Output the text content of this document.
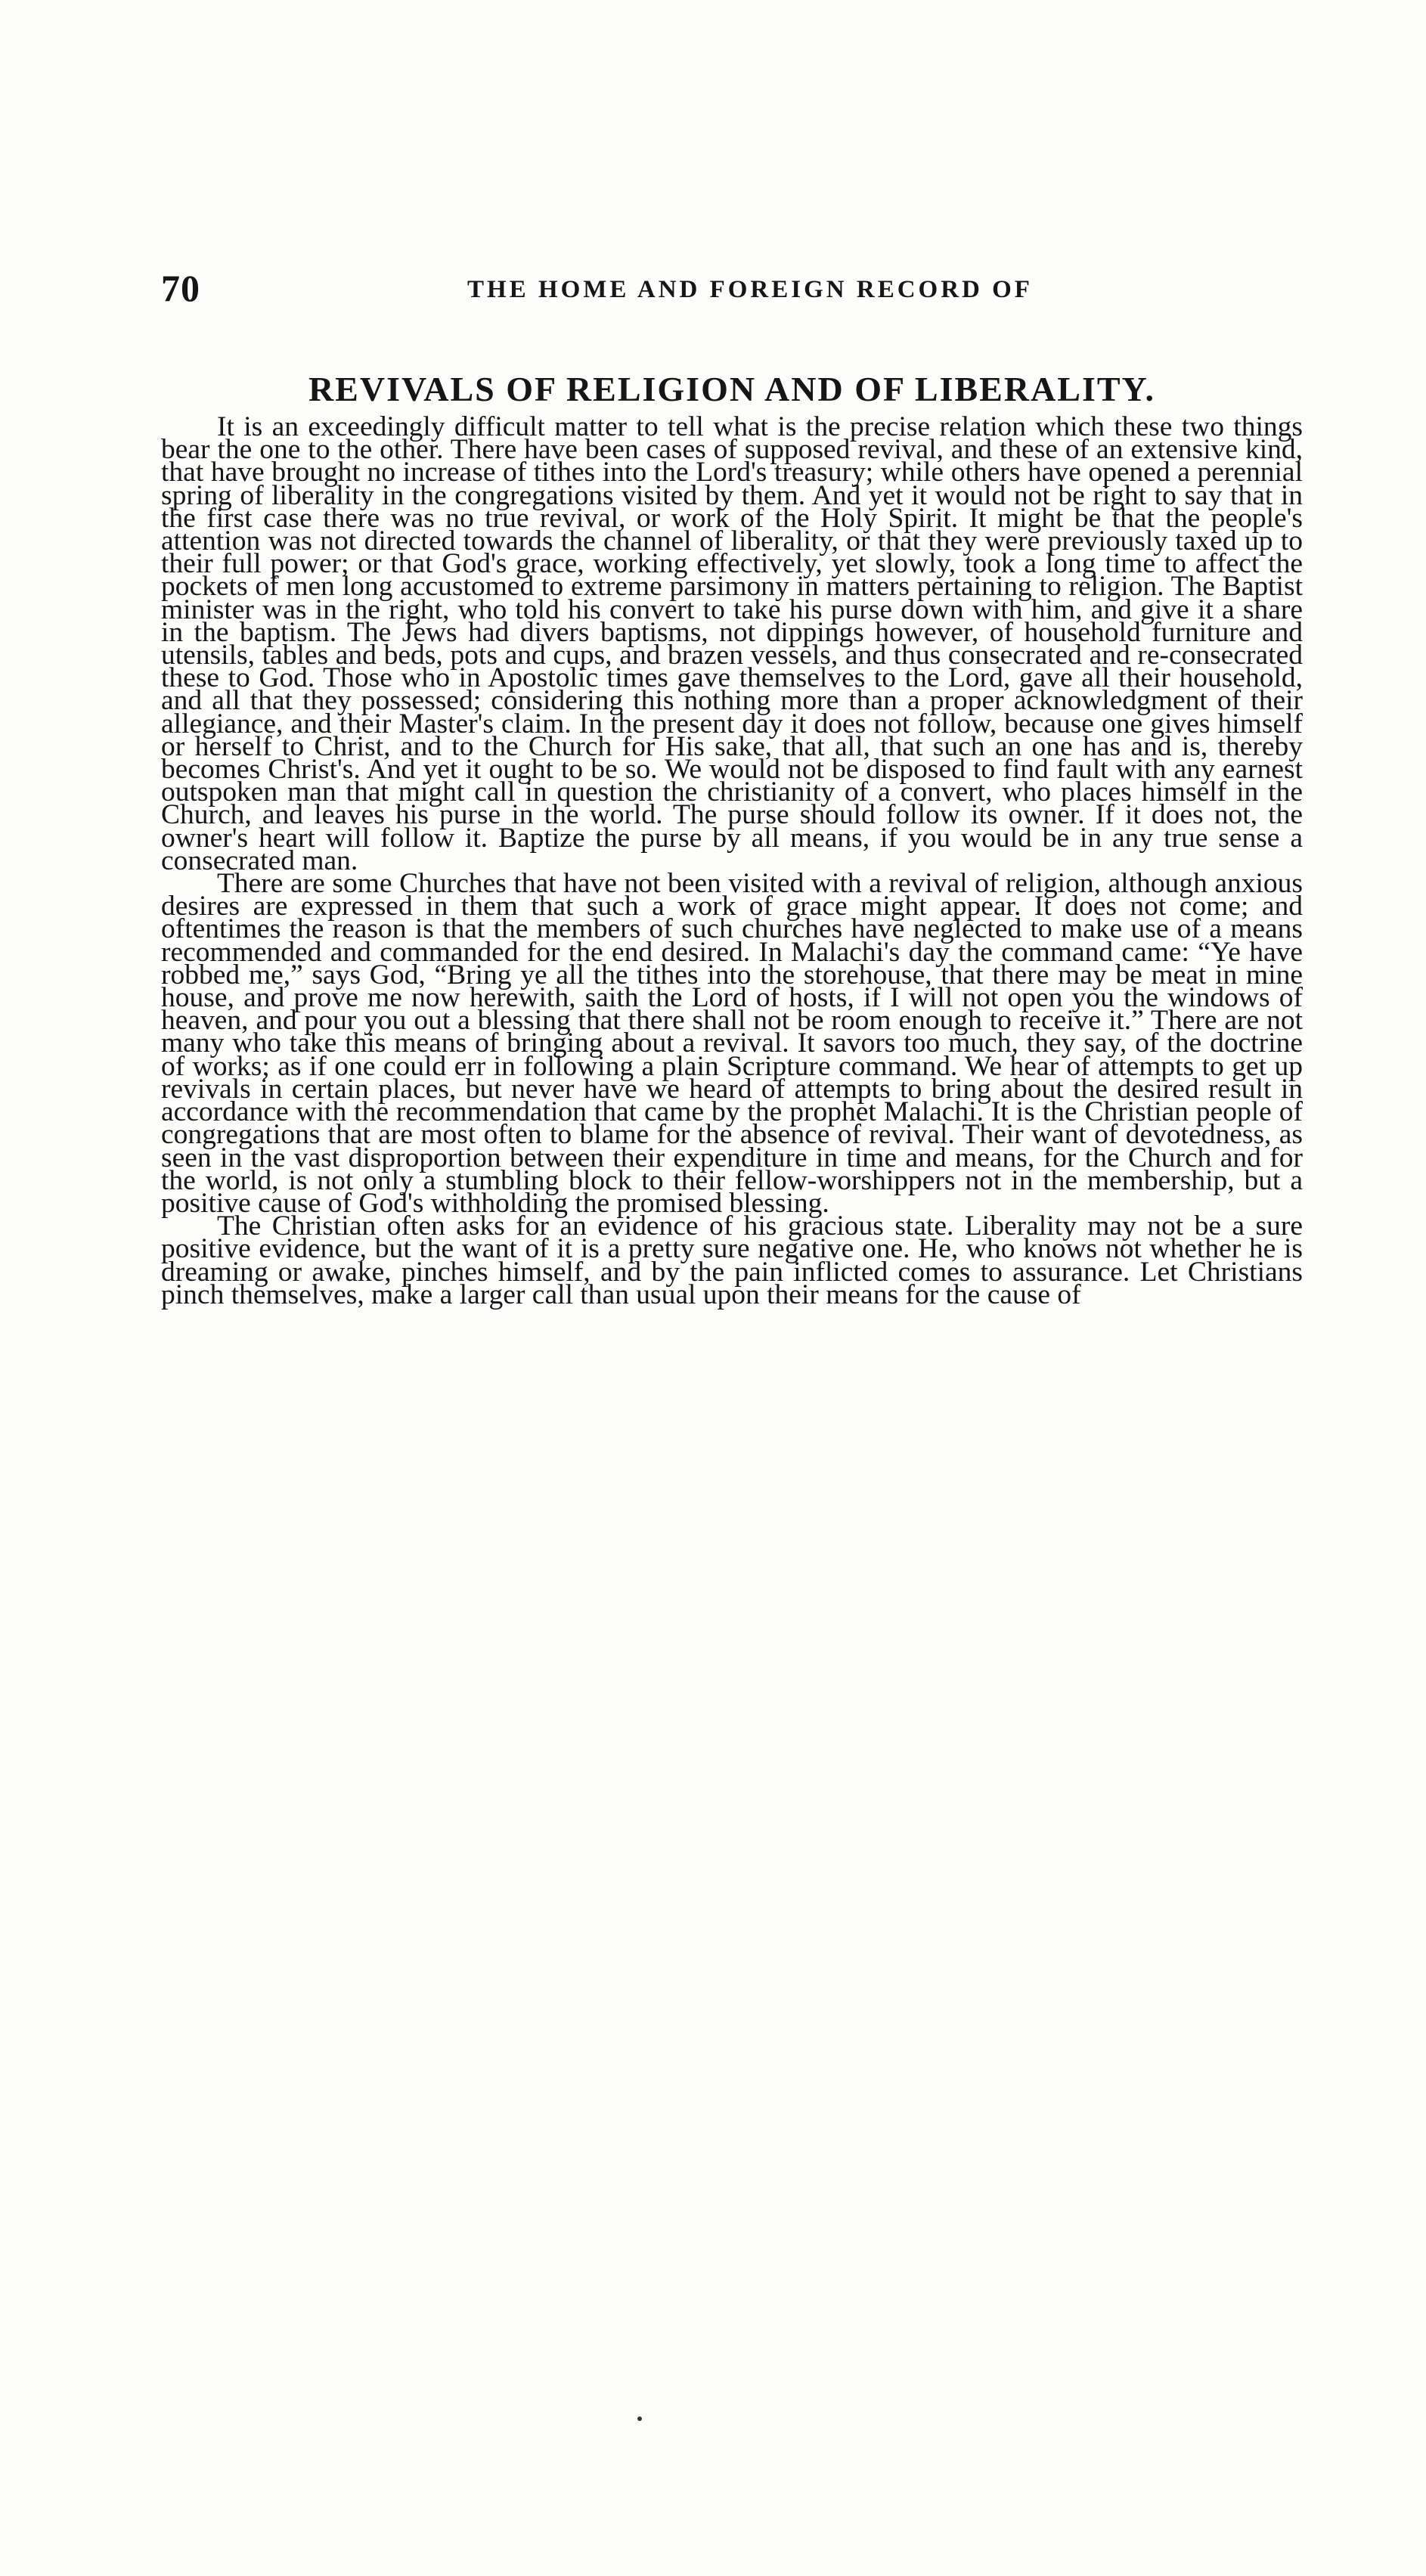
70	THE HOME AND FOREIGN RECORD OF
REVIVALS OF RELIGION AND OF LIBERALITY.

It is an exceedingly difficult matter to tell what is the precise relation which these two things bear the one to the other. There have been cases of supposed revival, and these of an extensive kind, that have brought no increase of tithes into the Lord's treasury; while others have opened a perennial spring of liberality in the congregations visited by them. And yet it would not be right to say that in the first case there was no true revival, or work of the Holy Spirit. It might be that the people's attention was not directed towards the channel of liberality, or that they were previously taxed up to their full power; or that God's grace, working effectively, yet slowly, took a long time to affect the pockets of men long accustomed to extreme parsimony in matters pertaining to religion. The Baptist minister was in the right, who told his convert to take his purse down with him, and give it a share in the baptism. The Jews had divers baptisms, not dippings however, of household furniture and utensils, tables and beds, pots and cups, and brazen vessels, and thus consecrated and re-consecrated these to God. Those who in Apostolic times gave themselves to the Lord, gave all their household, and all that they possessed; considering this nothing more than a proper acknowledgment of their allegiance, and their Master's claim. In the present day it does not follow, because one gives himself or herself to Christ, and to the Church for His sake, that all, that such an one has and is, thereby becomes Christ's. And yet it ought to be so. We would not be disposed to find fault with any earnest outspoken man that might call in question the christianity of a convert, who places himself in the Church, and leaves his purse in the world. The purse should follow its owner. If it does not, the owner's heart will follow it. Baptize the purse by all means, if you would be in any true sense a consecrated man.

There are some Churches that have not been visited with a revival of religion, although anxious desires are expressed in them that such a work of grace might appear. It does not come; and oftentimes the reason is that the members of such churches have neglected to make use of a means recommended and commanded for the end desired. In Malachi's day the command came: “Ye have robbed me,” says God, “Bring ye all the tithes into the storehouse, that there may be meat in mine house, and prove me now herewith, saith the Lord of hosts, if I will not open you the windows of heaven, and pour you out a blessing that there shall not be room enough to receive it.” There are not many who take this means of bringing about a revival. It savors too much, they say, of the doctrine of works; as if one could err in following a plain Scripture command. We hear of attempts to get up revivals in certain places, but never have we heard of attempts to bring about the desired result in accordance with the recommendation that came by the prophet Malachi. It is the Christian people of congregations that are most often to blame for the absence of revival. Their want of devotedness, as seen in the vast disproportion between their expenditure in time and means, for the Church and for the world, is not only a stumbling block to their fellow-worshippers not in the membership, but a positive cause of God's withholding the promised blessing.

The Christian often asks for an evidence of his gracious state. Liberality may not be a sure positive evidence, but the want of it is a pretty sure negative one. He, who knows not whether he is dreaming or awake, pinches himself, and by the pain inflicted comes to assurance. Let Christians pinch themselves, make a larger call than usual upon their means for the cause of
